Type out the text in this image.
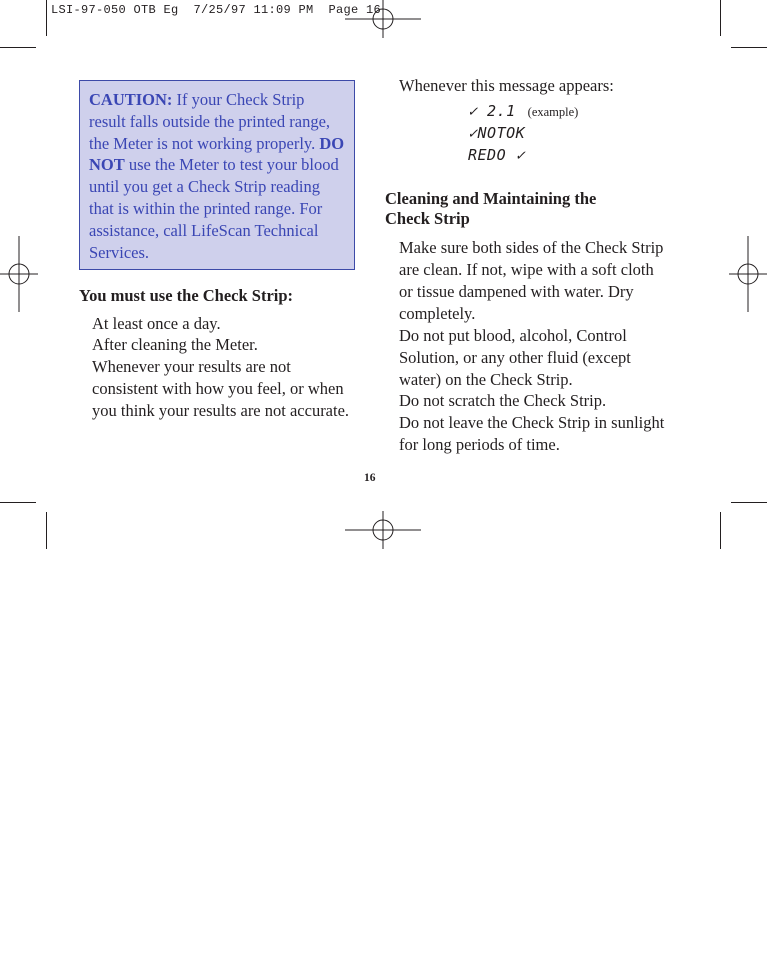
LSI-97-050 OTB Eg  7/25/97 11:09 PM  Page 16
CAUTION: If your Check Strip result falls outside the printed range, the Meter is not working properly. DO NOT use the Meter to test your blood until you get a Check Strip reading that is within the printed range. For assistance, call LifeScan Technical Services.
You must use the Check Strip:
At least once a day.
After cleaning the Meter.
Whenever your results are not consistent with how you feel, or when you think your results are not accurate.
Whenever this message appears:
✓ 2.1 (example)
✓NOTOK
REDO ✓
Cleaning and Maintaining the Check Strip
Make sure both sides of the Check Strip are clean. If not, wipe with a soft cloth or tissue dampened with water. Dry completely.
Do not put blood, alcohol, Control Solution, or any other fluid (except water) on the Check Strip.
Do not scratch the Check Strip.
Do not leave the Check Strip in sunlight for long periods of time.
16
